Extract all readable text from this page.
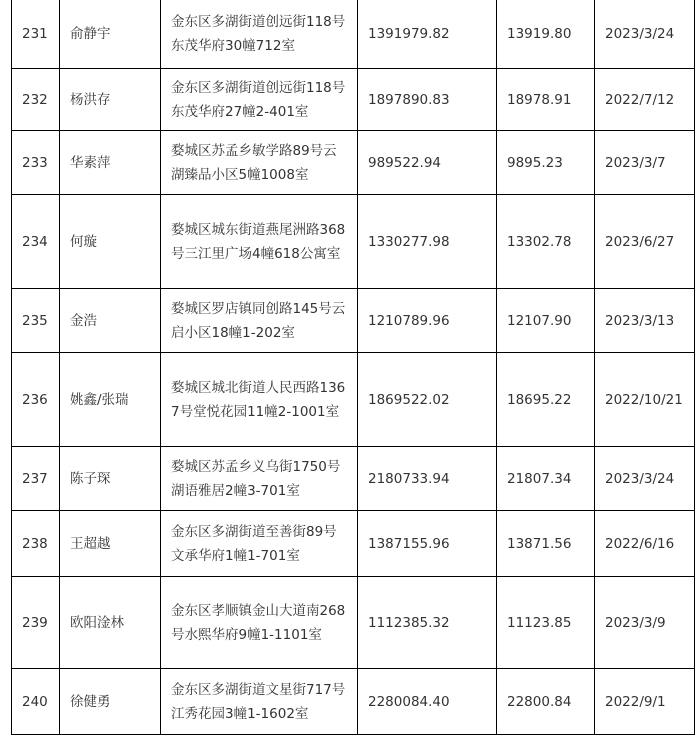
231	俞静宇	金东区多湖街道创远街118号东茂华府30幢712室	1391979.82	13919.80	2023/3/24
232	杨洪存	金东区多湖街道创远街118号东茂华府27幢2-401室	1897890.83	18978.91	2022/7/12
233	华素萍	婺城区苏孟乡敏学路89号云湖臻品小区5幢1008室	989522.94	9895.23	2023/3/7
234	何璇	婺城区城东街道燕尾洲路368号三江里广场4幢618公寓室	1330277.98	13302.78	2023/6/27
235	金浩	婺城区罗店镇同创路145号云启小区18幢1-202室	1210789.96	12107.90	2023/3/13
236	姚鑫/张瑞	婺城区城北街道人民西路1367号堂悦花园11幢2-1001室	1869522.02	18695.22	2022/10/21
237	陈子琛	婺城区苏孟乡义乌街1750号湖语雅居2幢3-701室	2180733.94	21807.34	2023/3/24
238	王超越	金东区多湖街道至善街89号文承华府1幢1-701室	1387155.96	13871.56	2022/6/16
239	欧阳淦林	金东区孝顺镇金山大道南268号水熙华府9幢1-1101室	1112385.32	11123.85	2023/3/9
240	徐健勇	金东区多湖街道文星街717号江秀花园3幢1-1602室	2280084.40	22800.84	2022/9/1
